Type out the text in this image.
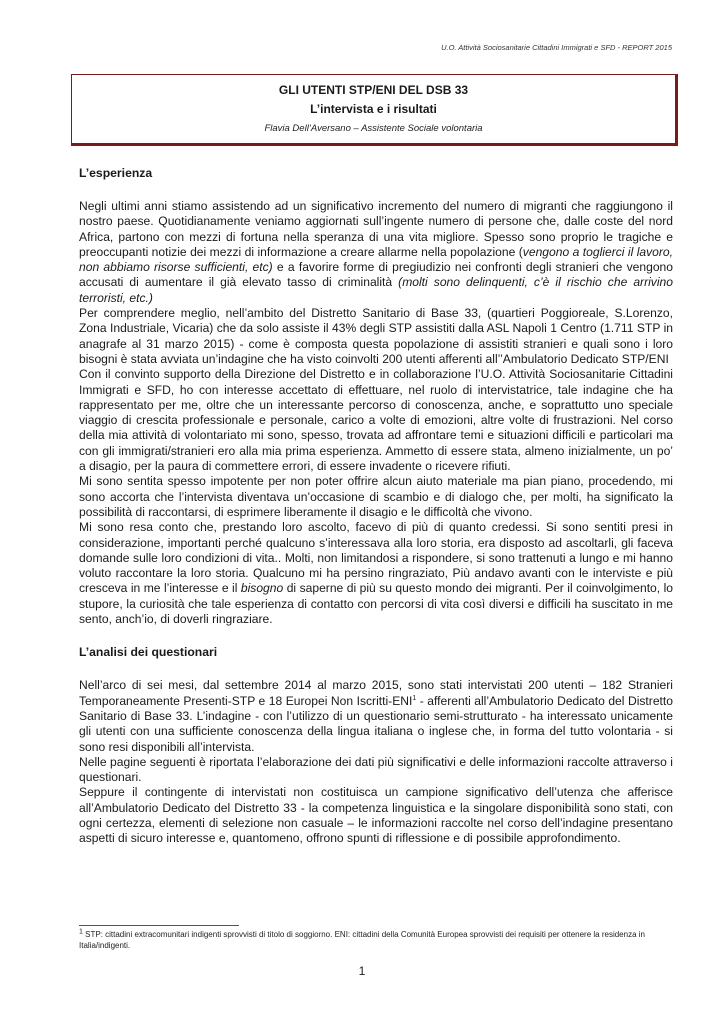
U.O. Attività Sociosanitarie Cittadini Immigrati e SFD - REPORT 2015
GLI UTENTI STP/ENI DEL DSB 33
L’intervista e i risultati
Flavia Dell’Aversano – Assistente Sociale volontaria
L’esperienza

Negli ultimi anni stiamo assistendo ad un significativo incremento del numero di migranti che raggiungono il nostro paese. Quotidianamente veniamo aggiornati sull’ingente numero di persone che, dalle coste del nord Africa, partono con mezzi di fortuna nella speranza di una vita migliore. Spesso sono proprio le tragiche e preoccupanti notizie dei mezzi di informazione a creare allarme nella popolazione (vengono a toglierci il lavoro, non abbiamo risorse sufficienti, etc) e a favorire forme di pregiudizio nei confronti degli stranieri che vengono accusati di aumentare il già elevato tasso di criminalità (molti sono delinquenti, c’è il rischio che arrivino terroristi, etc.)

Per comprendere meglio, nell’ambito del Distretto Sanitario di Base 33, (quartieri Poggioreale, S.Lorenzo, Zona Industriale, Vicaria) che da solo assiste il 43% degli STP assistiti dalla ASL Napoli 1 Centro (1.711 STP in anagrafe al 31 marzo 2015) - come è composta questa popolazione di assistiti stranieri e quali sono i loro bisogni è stata avviata un’indagine che ha visto coinvolti 200 utenti afferenti all’’Ambulatorio Dedicato STP/ENI

Con il convinto supporto della Direzione del Distretto e in collaborazione l’U.O. Attività Sociosanitarie Cittadini Immigrati e SFD, ho con interesse accettato di effettuare, nel ruolo di intervistatrice, tale indagine che ha rappresentato per me, oltre che un interessante percorso di conoscenza, anche, e soprattutto uno speciale viaggio di crescita professionale e personale, carico a volte di emozioni, altre volte di frustrazioni. Nel corso della mia attività di volontariato mi sono, spesso, trovata ad affrontare temi e situazioni difficili e particolari ma con gli immigrati/stranieri ero alla mia prima esperienza. Ammetto di essere stata, almeno inizialmente, un po’ a disagio, per la paura di commettere errori, di essere invadente o ricevere rifiuti.

Mi sono sentita spesso impotente per non poter offrire alcun aiuto materiale ma pian piano, procedendo, mi sono accorta che l’intervista diventava un’occasione di scambio e di dialogo che, per molti, ha significato la possibilità di raccontarsi, di esprimere liberamente il disagio e le difficoltà che vivono.

Mi sono resa conto che, prestando loro ascolto, facevo di più di quanto credessi. Si sono sentiti presi in considerazione, importanti perché qualcuno s’interessava alla loro storia, era disposto ad ascoltarli, gli faceva domande sulle loro condizioni di vita.. Molti, non limitandosi a rispondere, si sono trattenuti a lungo e mi hanno voluto raccontare la loro storia. Qualcuno mi ha persino ringraziato, Più andavo avanti con le interviste e più cresceva in me l’interesse e il bisogno di saperne di più su questo mondo dei migranti. Per il coinvolgimento, lo stupore, la curiosità che tale esperienza di contatto con percorsi di vita così diversi e difficili ha suscitato in me sento, anch’io, di doverli ringraziare.

L’analisi dei questionari

Nell’arco di sei mesi, dal settembre 2014 al marzo 2015, sono stati intervistati 200 utenti – 182 Stranieri Temporaneamente Presenti-STP e 18 Europei Non Iscritti-ENI$^1$ - afferenti all’Ambulatorio Dedicato del Distretto Sanitario di Base 33. L’indagine - con l’utilizzo di un questionario semi-strutturato - ha interessato unicamente gli utenti con una sufficiente conoscenza della lingua italiana o inglese che, in forma del tutto volontaria - si sono resi disponibili all’intervista.

Nelle pagine seguenti è riportata l’elaborazione dei dati più significativi e delle informazioni raccolte attraverso i questionari.

Seppure il contingente di intervistati non costituisca un campione significativo dell’utenza che afferisce all’Ambulatorio Dedicato del Distretto 33 - la competenza linguistica e la singolare disponibilità sono stati, con ogni certezza, elementi di selezione non casuale – le informazioni raccolte nel corso dell’indagine presentano aspetti di sicuro interesse e, quantomeno, offrono spunti di riflessione e di possibile approfondimento.

$^1$ STP: cittadini extracomunitari indigenti sprovvisti di titolo di soggiorno. ENI: cittadini della Comunità Europea sprovvisti dei requisiti per ottenere la residenza in Italia/indigenti.
1
